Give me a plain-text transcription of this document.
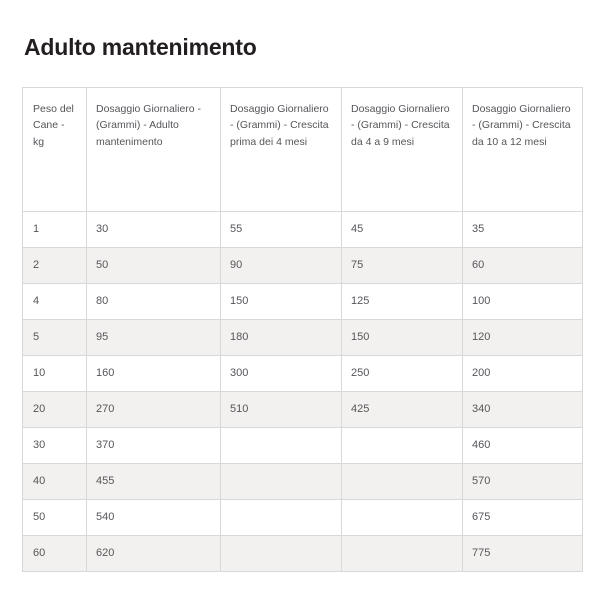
Adulto mantenimento
Peso del Cane - kg	Dosaggio Giornaliero - (Grammi) - Adulto mantenimento	Dosaggio Giornaliero - (Grammi) - Crescita prima dei 4 mesi	Dosaggio Giornaliero - (Grammi) - Crescita da 4 a 9 mesi	Dosaggio Giornaliero - (Grammi) - Crescita da 10 a 12 mesi
1	30	55	45	35
2	50	90	75	60
4	80	150	125	100
5	95	180	150	120
10	160	300	250	200
20	270	510	425	340
30	370			460
40	455			570
50	540			675
60	620			775
